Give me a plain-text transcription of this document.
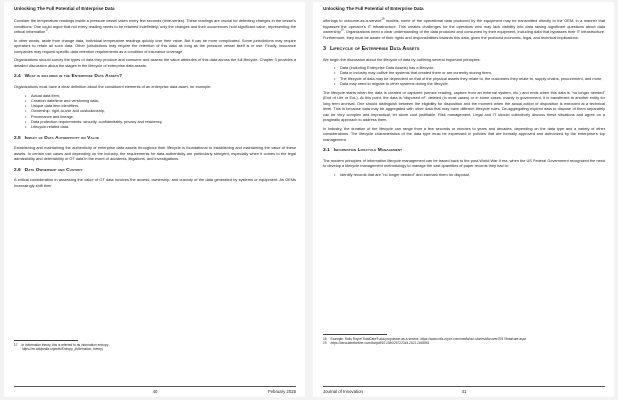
Unlocking The Full Potential of Enterprise Data

Consider the temperature readings inside a pressure vessel taken every few seconds (time-series). These readings are crucial for detecting changes in the vessel's conditions. One could argue that not every reading needs to be retained indefinitely; only the changes and their occurrences hold significant value, representing the critical information$^{17}$.

In other words, aside from change data, individual temperature readings quickly lose their value. But it can be more complicated. Some jurisdictions may require operators to retain all such data. Other jurisdictions may require the retention of this data as long as the pressure vessel itself is in use. Finally, insurance companies may request specific data retention requirements as a condition of insurance coverage.

Organizations should survey the types of data they produce and consume and assess the value attributes of this data across the full lifecycle. Chapter 3 provides a detailed discussion about the stages in the lifecycle of enterprise data assets.

2.4 What is included in the Enterprise Data Assets?

Organizations must have a clear definition about the constituent elements of an enterprise data asset, for example:

• Actual data item,
• Creation date/time and versioning data,
• Unique data item identifiers,
• Ownership, right-to-use and custodianship,
• Provenance and lineage,
• Data protection requirements: security, confidentiality, privacy and residency,
• Lifecycle-related data.
2.5 Impact of Data Authenticity on Value

Establishing and maintaining the authenticity of enterprise data assets throughout their lifecycle is foundational to establishing and maintaining the value of these assets. In certain use cases and depending on the industry, the requirements for data authenticity are particularly stringent, especially when it comes to the legal admissibility and defensibility of OT data in the event of accidents, litigations, and investigations.

2.6 Data Ownership and Custody

A critical consideration in assessing the value of OT data involves the access, ownership, and custody of the data generated by systems or equipment. As OEMs increasingly shift their

17 In information theory, this is referred to as information entropy -
https://en.wikipedia.org/wiki/Entropy_(information_theory)
40	February 2025
Unlocking The Full Potential of Enterprise Data

offerings to outcome-as-a-service$^{18}$ models, some of the operational data produced by the equipment may be transmitted directly to the OEM, in a manner that bypasses the operator's IT infrastructure. This creates challenges for the operators who may lack visibility into data raising significant questions about data ownership$^{19}$. Organizations need a clear understanding of the data produced and consumed by their equipment, including data that bypasses their IT infrastructure. Furthermore, they must be aware of their rights and responsibilities towards this data, given the profound economic, legal, and technical implications.

3 Lifecycle of Enterprise Data Assets

We begin the discussion about the lifecycle of data by outlining several important principles:

• Data (including Enterprise Data Assets) has a lifecycle,
• Data in industry may outlive the systems that created them or are currently storing them,
• The lifecycle of data may be dependent on that of the physical assets they relate to, the customers they relate to, supply chains, procurement, and more,
• Data may need to migrate to other systems during the lifecycle.

The lifecycle starts when the data is created or captured (sensor reading, capture from an external system, etc.) and ends when this data is "no longer needed" (End of Life or EoL). At this point, the data is "disposed of": deleted (in most cases) or in some cases, mainly in government, it is transferred to another entity for long term archival. One should distinguish between the eligibility for disposition and the moment when the actual action of disposition is executed at a technical level. This is because data may be aggregated with other data that may have different lifecycle rules. De-aggregating expired data to dispose of them separately can be very complex and impractical, let alone cost justifiable. Risk management, Legal and IT should collectively discuss these situations and agree on a pragmatic approach to address them.

In industry, the duration of the lifecycle can range from a few seconds or minutes to years and decades, depending on the data type and a variety of other considerations. The lifecycle characteristics of the data type must be expressed in policies that are formally approved and authorized by the enterprise's top management.

3.1 Information Lifecycle Management

The modern principles of information lifecycle management can be traced back to the post-World War II era, when the US Federal Government recognized the need to develop a lifecycle management methodology to manage the vast quantities of paper records they had to:

• Identify records that are "no longer needed" and earmark them for disposal,
18 Example: Rolls Royce TotalCare® aka propulsion-as-a-service. https://www.rolls-royce.com/media/our-stories/discover/2017/totalcare.aspx
19 https://www.tandfonline.com/doi/pdf/10.1080/25722344.2021.1945861
Journal of Innovation	41
